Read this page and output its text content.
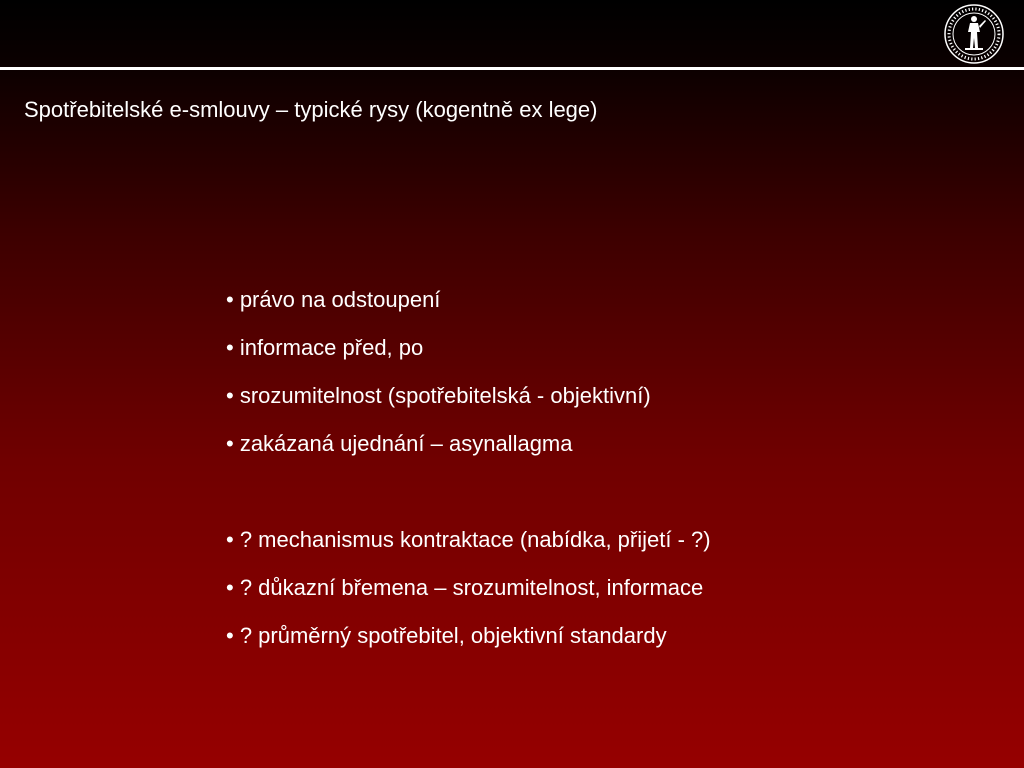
Spotřebitelské e-smlouvy – typické rysy (kogentně ex lege)
• právo na odstoupení
• informace před, po
• srozumitelnost (spotřebitelská - objektivní)
• zakázaná ujednání – asynallagma
• ? mechanismus kontraktace (nabídka, přijetí - ?)
• ? důkazní břemena – srozumitelnost, informace
• ? průměrný spotřebitel, objektivní standardy
